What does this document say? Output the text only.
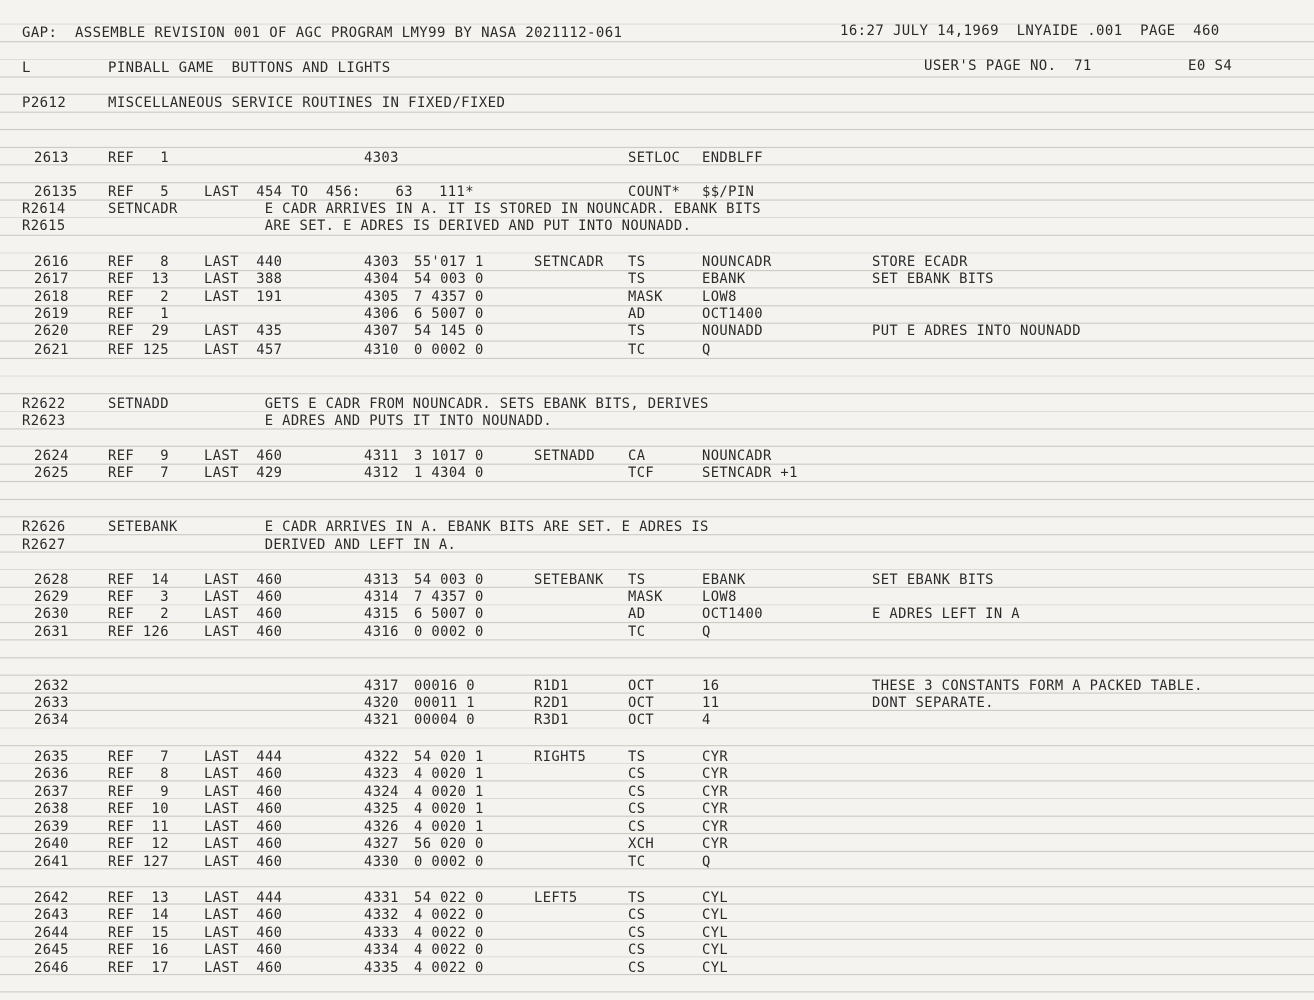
GAP:  ASSEMBLE REVISION 001 OF AGC PROGRAM LMY99 BY NASA 2021112-061	16:27 JULY 14,1969  LNYAIDE .001  PAGE  460
L	PINBALL GAME  BUTTONS AND LIGHTS	USER'S PAGE NO.  71	E0 S4
P2612	MISCELLANEOUS SERVICE ROUTINES IN FIXED/FIXED
2613	REF   1	4303	SETLOC ENDBLFF
26135 REF   5	LAST  454 TO  456:    63   111*	COUNT* $$/PIN
R2614	SETNCADR          E CADR ARRIVES IN A. IT IS STORED IN NOUNCADR. EBANK BITS
R2615	ARE SET. E ADRES IS DERIVED AND PUT INTO NOUNADD.
2616	REF   8	LAST  440	4303 55'017 1	SETNCADR TS	NOUNCADR	STORE ECADR
2617	REF  13	LAST  388	4304 54 003 0	TS	EBANK	SET EBANK BITS
2618	REF   2	LAST  191	4305 7 4357 0	MASK	LOW8
2619	REF   1	4306 6 5007 0	AD	OCT1400
2620	REF  29	LAST  435	4307 54 145 0	TS	NOUNADD	PUT E ADRES INTO NOUNADD
2621	REF 125	LAST  457	4310 0 0002 0	TC	Q
R2622	SETNADD           GETS E CADR FROM NOUNCADR. SETS EBANK BITS, DERIVES
R2623	E ADRES AND PUTS IT INTO NOUNADD.
2624	REF   9	LAST  460	4311 3 1017 0	SETNADD CA	NOUNCADR
2625	REF   7	LAST  429	4312 1 4304 0	TCF	SETNCADR +1
R2626	SETEBANK          E CADR ARRIVES IN A. EBANK BITS ARE SET. E ADRES IS
R2627	DERIVED AND LEFT IN A.
2628	REF  14	LAST  460	4313 54 003 0	SETEBANK TS	EBANK	SET EBANK BITS
2629	REF   3	LAST  460	4314 7 4357 0	MASK	LOW8
2630	REF   2	LAST  460	4315 6 5007 0	AD	OCT1400	E ADRES LEFT IN A
2631	REF 126	LAST  460	4316 0 0002 0	TC	Q
2632	4317 00016 0	R1D1	OCT	16	THESE 3 CONSTANTS FORM A PACKED TABLE.
2633	4320 00011 1	R2D1	OCT	11	DONT SEPARATE.
2634	4321 00004 0	R3D1	OCT	4
2635	REF   7	LAST  444	4322 54 020 1	RIGHT5	TS	CYR
2636	REF   8	LAST  460	4323 4 0020 1	CS	CYR
2637	REF   9	LAST  460	4324 4 0020 1	CS	CYR
2638	REF  10	LAST  460	4325 4 0020 1	CS	CYR
2639	REF  11	LAST  460	4326 4 0020 1	CS	CYR
2640	REF  12	LAST  460	4327 56 020 0	XCH	CYR
2641	REF 127	LAST  460	4330 0 0002 0	TC	Q
2642	REF  13	LAST  444	4331 54 022 0	LEFT5	TS	CYL
2643	REF  14	LAST  460	4332 4 0022 0	CS	CYL
2644	REF  15	LAST  460	4333 4 0022 0	CS	CYL
2645	REF  16	LAST  460	4334 4 0022 0	CS	CYL
2646	REF  17	LAST  460	4335 4 0022 0	CS	CYL
